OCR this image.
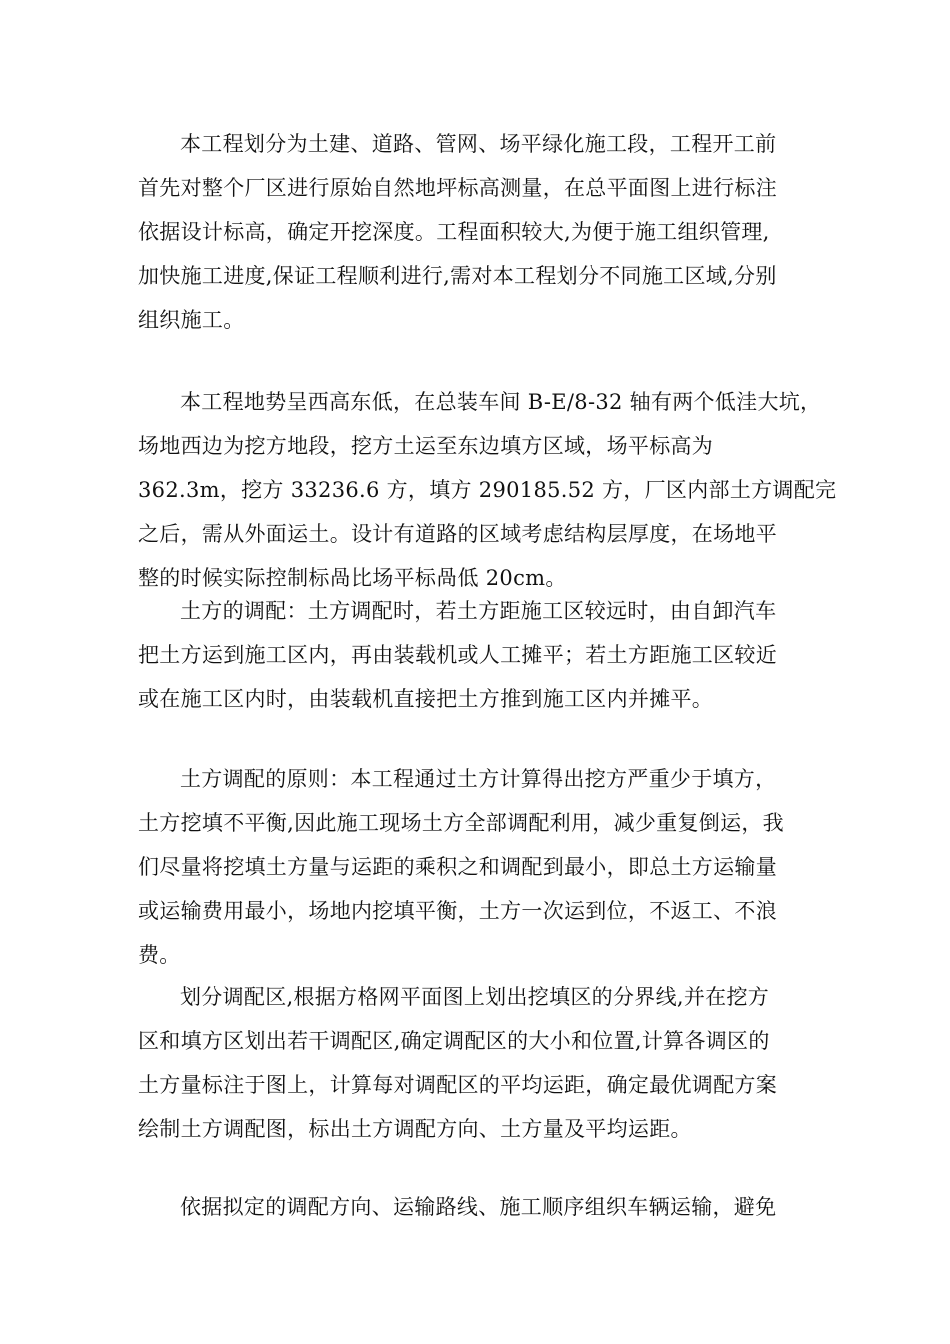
本工程划分为土建、道路、管网、场平绿化施工段，工程开工前
首先对整个厂区进行原始自然地坪标高测量，在总平面图上进行标注
依据设计标高，确定开挖深度。工程面积较大,为便于施工组织管理,
加快施工进度,保证工程顺利进行,需对本工程划分不同施工区域,分别
组织施工。
本工程地势呈西高东低，在总装车间 B-E/8-32 轴有两个低洼大坑，
场地西边为挖方地段，挖方土运至东边填方区域，场平标高为
362.3m，挖方 33236.6 方，填方 290185.52 方，厂区内部土方调配完
之后，需从外面运土。设计有道路的区域考虑结构层厚度，在场地平
整的时候实际控制标咼比场平标咼低 20cm。
土方的调配：土方调配时，若土方距施工区较远时，由自卸汽车
把土方运到施工区内，再由装载机或人工摊平；若土方距施工区较近
或在施工区内时，由装载机直接把土方推到施工区内并摊平。
土方调配的原则：本工程通过土方计算得出挖方严重少于填方，
土方挖填不平衡,因此施工现场土方全部调配利用，减少重复倒运，我
们尽量将挖填土方量与运距的乘积之和调配到最小，即总土方运输量
或运输费用最小，场地内挖填平衡，土方一次运到位，不返工、不浪
费。
划分调配区,根据方格网平面图上划出挖填区的分界线,并在挖方
区和填方区划出若干调配区,确定调配区的大小和位置,计算各调区的
土方量标注于图上，计算每对调配区的平均运距，确定最优调配方案
绘制土方调配图，标出土方调配方向、土方量及平均运距。
依据拟定的调配方向、运输路线、施工顺序组织车辆运输，避免
